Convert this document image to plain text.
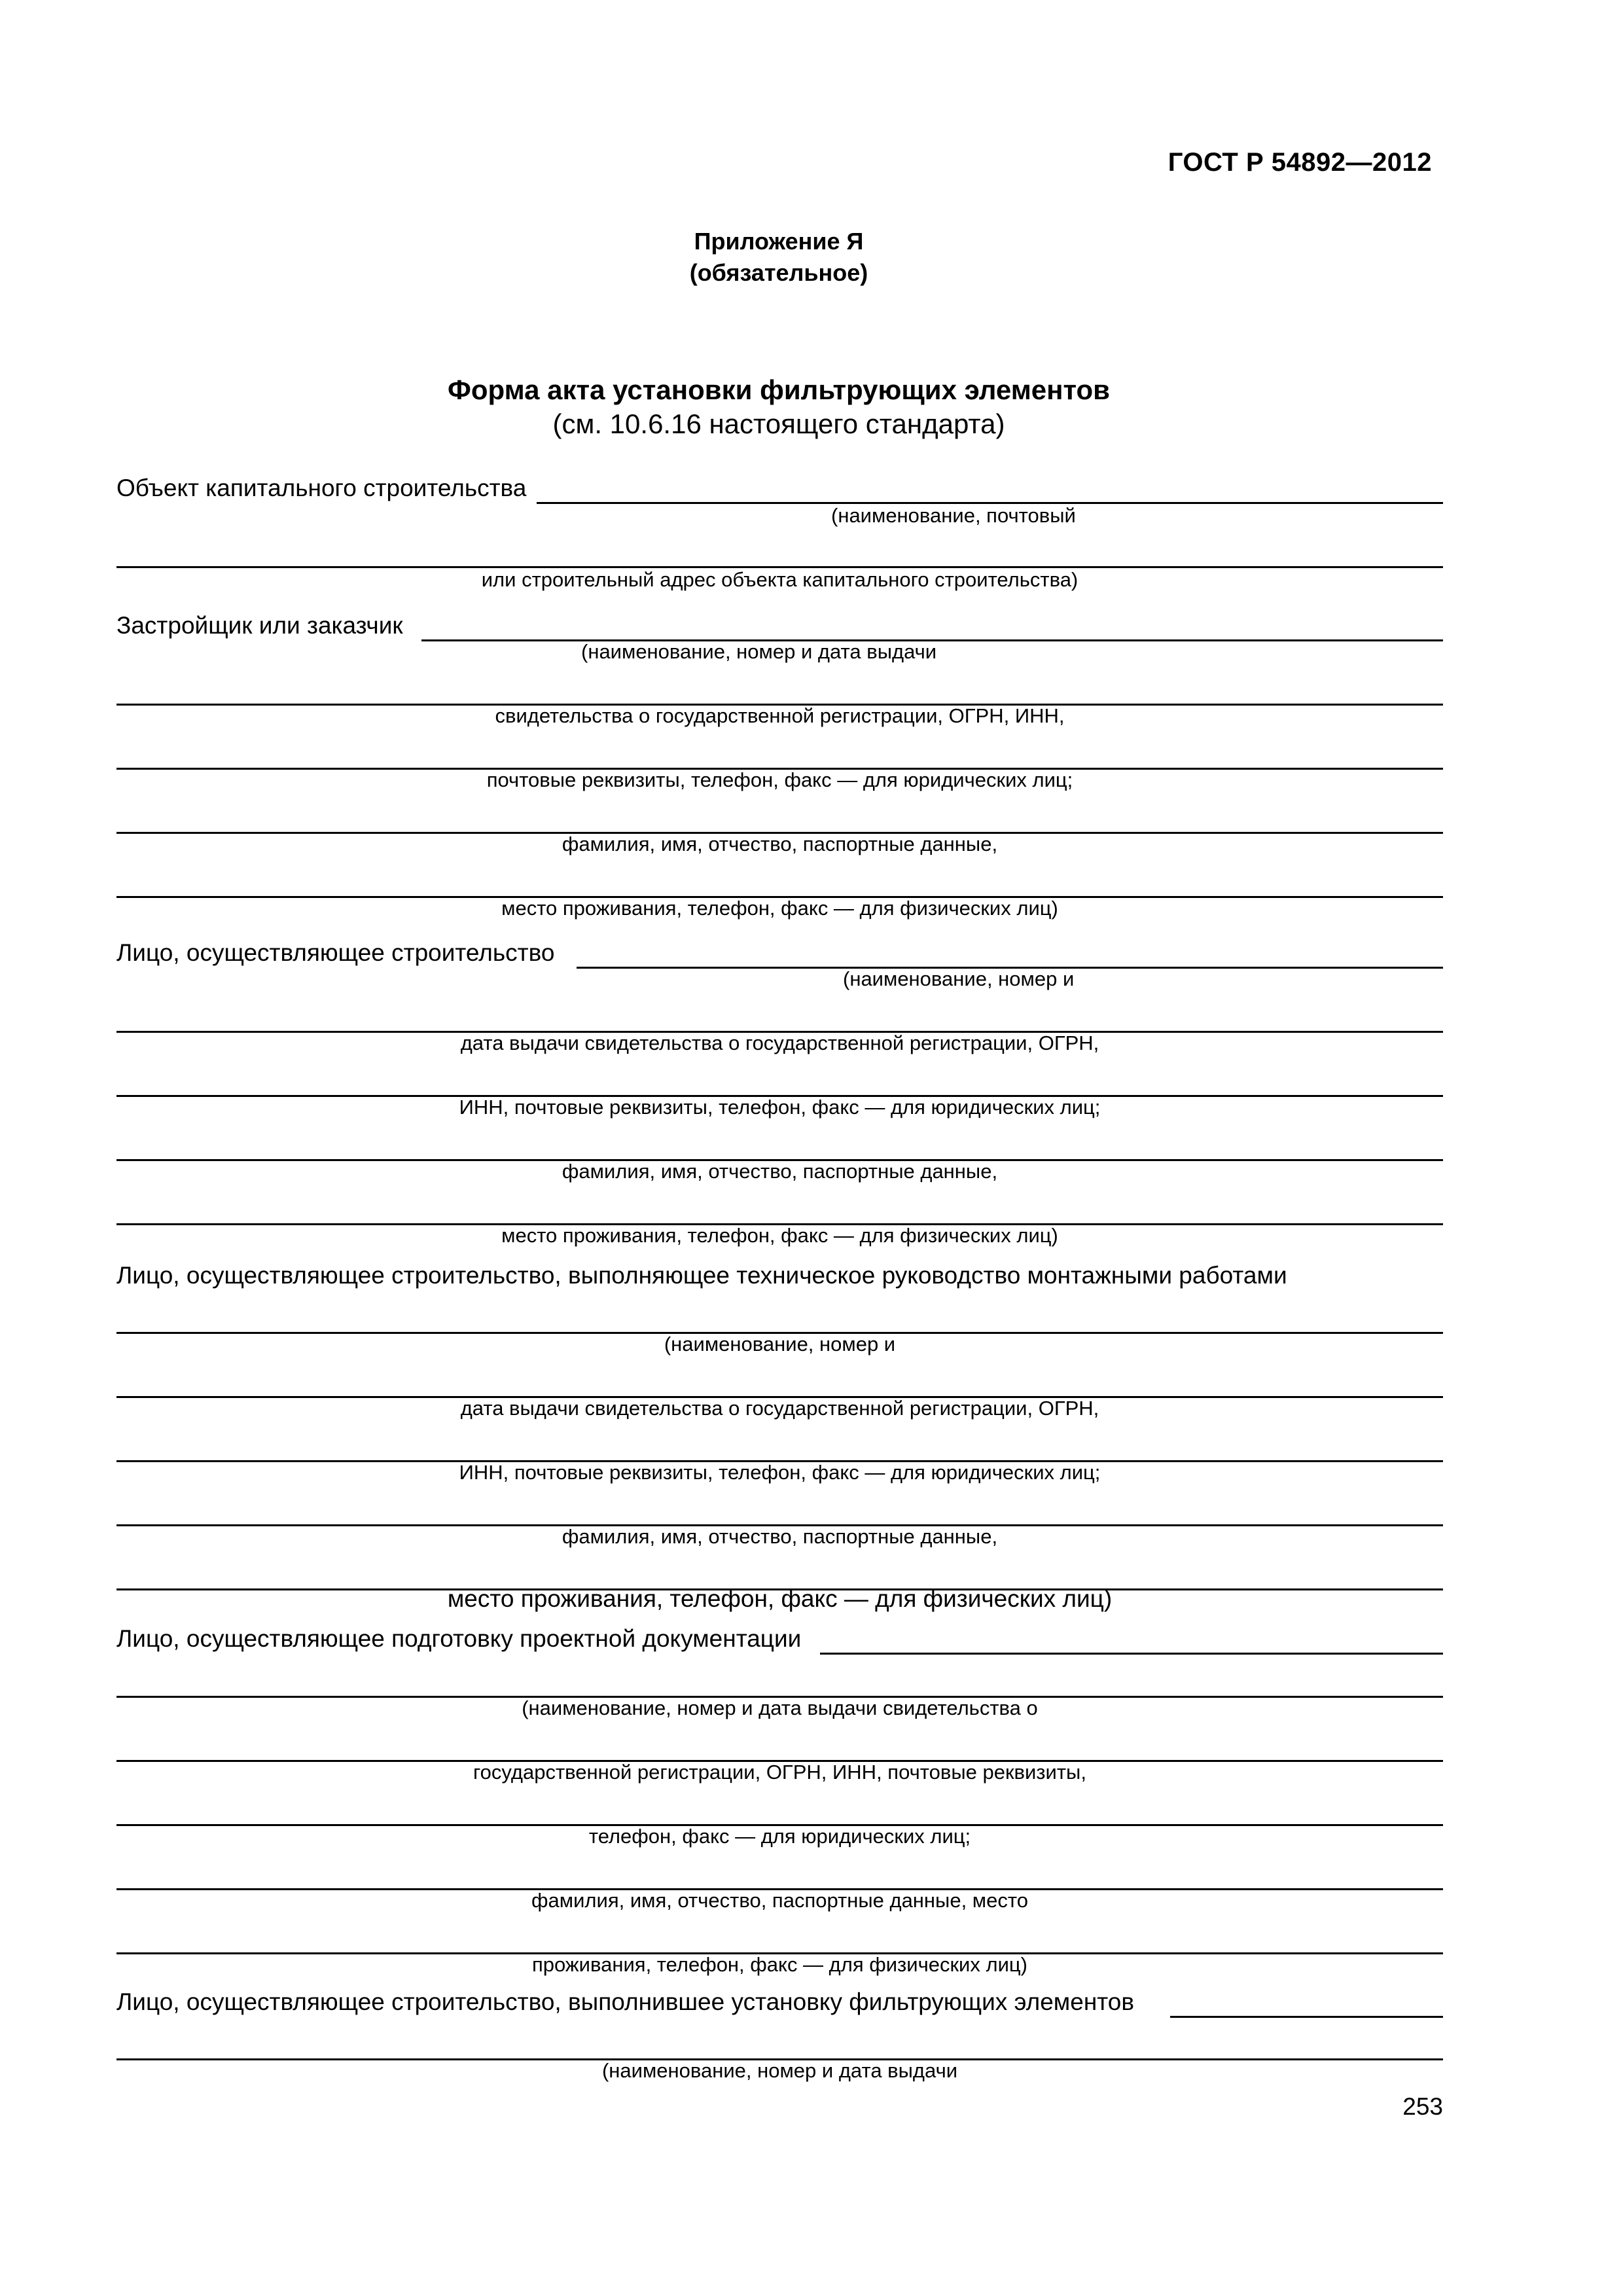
ГОСТ Р 54892—2012
Приложение Я
(обязательное)
Форма акта установки фильтрующих элементов
(см. 10.6.16 настоящего стандарта)
Объект капитального строительства
(наименование, почтовый
или строительный адрес объекта капитального строительства)
Застройщик или заказчик
(наименование, номер и дата выдачи
свидетельства о государственной регистрации, ОГРН, ИНН,
почтовые реквизиты, телефон, факс — для юридических лиц;
фамилия, имя, отчество, паспортные данные,
место проживания, телефон, факс — для физических лиц)
Лицо, осуществляющее строительство
(наименование, номер и
дата выдачи свидетельства о государственной регистрации, ОГРН,
ИНН, почтовые реквизиты, телефон, факс — для юридических лиц;
фамилия, имя, отчество, паспортные данные,
место проживания, телефон, факс — для физических лиц)
Лицо, осуществляющее строительство, выполняющее техническое руководство монтажными работами
(наименование, номер и
дата выдачи свидетельства о государственной регистрации, ОГРН,
ИНН, почтовые реквизиты, телефон, факс — для юридических лиц;
фамилия, имя, отчество, паспортные данные,
место проживания, телефон, факс — для физических лиц)
Лицо, осуществляющее подготовку проектной документации
(наименование, номер и дата выдачи свидетельства о
государственной регистрации, ОГРН, ИНН, почтовые реквизиты,
телефон, факс — для юридических лиц;
фамилия, имя, отчество, паспортные данные, место
проживания, телефон, факс — для физических лиц)
Лицо, осуществляющее строительство, выполнившее установку фильтрующих элементов
(наименование, номер и дата выдачи
253
